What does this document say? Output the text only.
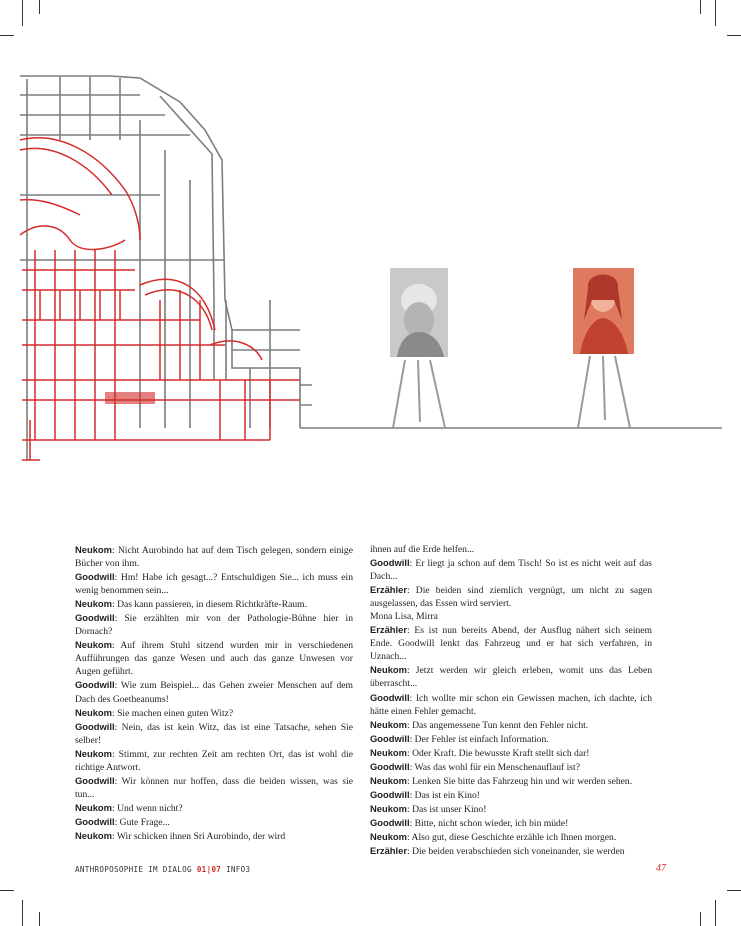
Neukom: Nicht Aurobindo hat auf dem Tisch gelegen, sondern einige Bücher von ihm.

Goodwill: Hm! Habe ich gesagt...? Entschuldigen Sie... ich muss ein wenig benommen sein...

Neukom: Das kann passieren, in diesem Richtkräfte-Raum.

Goodwill: Sie erzählten mir von der Pathologie-Bühne hier in Dornach?

Neukom: Auf ihrem Stuhl sitzend wurden mir in verschiedenen Aufführungen das ganze Wesen und auch das ganze Unwesen vor Augen geführt.

Goodwill: Wie zum Beispiel... das Gehen zweier Menschen auf dem Dach des Goetheanums!

Neukom: Sie machen einen guten Witz?

Goodwill: Nein, das ist kein Witz, das ist eine Tatsache, sehen Sie selber!

Neukom: Stimmt, zur rechten Zeit am rechten Ort, das ist wohl die richtige Antwort.

Goodwill: Wir können nur hoffen, dass die beiden wissen, was sie tun...

Neukom: Und wenn nicht?

Goodwill: Gute Frage...

Neukom: Wir schicken ihnen Sri Aurobindo, der wird

ihnen auf die Erde helfen...

Goodwill: Er liegt ja schon auf dem Tisch! So ist es nicht weit auf das Dach...

Erzähler: Die beiden sind ziemlich vergnügt, um nicht zu sagen ausgelassen, das Essen wird serviert.

Mona Lisa, Mirra

Erzähler: Es ist nun bereits Abend, der Ausflug nähert sich seinem Ende. Goodwill lenkt das Fahrzeug und er hat sich verfahren, in Uznach...

Neukom: Jetzt werden wir gleich erleben, womit uns das Leben überrascht...

Goodwill: Ich wollte mir schon ein Gewissen machen, ich dachte, ich hätte einen Fehler gemacht.

Neukom: Das angemessene Tun kennt den Fehler nicht.

Goodwill: Der Fehler ist einfach Information.

Neukom: Oder Kraft. Die bewusste Kraft stellt sich dar!

Goodwill: Was das wohl für ein Menschenauflauf ist?

Neukom: Lenken Sie bitte das Fahrzeug hin und wir werden sehen.

Goodwill: Das ist ein Kino!

Neukom: Das ist unser Kino!

Goodwill: Bitte, nicht schon wieder, ich bin müde!

Neukom: Also gut, diese Geschichte erzähle ich Ihnen morgen.

Erzähler: Die beiden verabschieden sich voneinander, sie werden

ANTHROPOSOPHIE IM DIALOG 01|07 INFO3	47
